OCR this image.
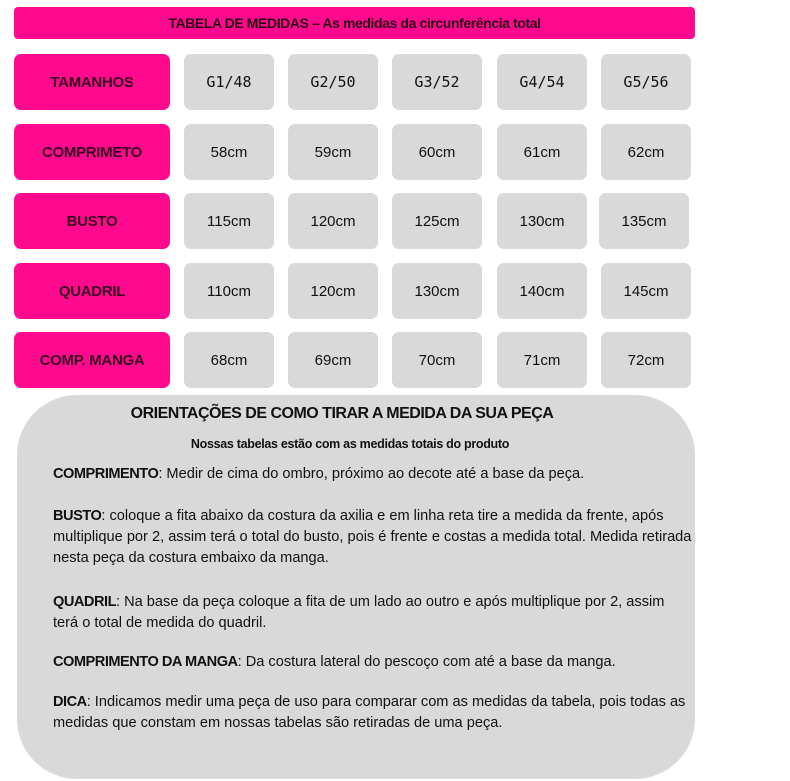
TABELA DE MEDIDAS – As medidas da circunferência total
TAMANHOS	G1/48	G2/50	G3/52	G4/54	G5/56
COMPRIMETO	58cm	59cm	60cm	61cm	62cm
BUSTO	115cm	120cm	125cm	130cm	135cm
QUADRIL	110cm	120cm	130cm	140cm	145cm
COMP. MANGA	68cm	69cm	70cm	71cm	72cm
ORIENTAÇÕES DE COMO TIRAR A MEDIDA DA SUA PEÇA
Nossas tabelas estão com as medidas totais do produto
COMPRIMENTO: Medir de cima do ombro, próximo ao decote até a base da peça.
BUSTO: coloque a fita abaixo da costura da axilia e em linha reta tire a medida da frente, após multiplique por 2, assim terá o total do busto, pois é frente e costas a medida total. Medida retirada nesta peça da costura embaixo da manga.
QUADRIL: Na base da peça coloque a fita de um lado ao outro e após multiplique por 2, assim terá o total de medida do quadril.
COMPRIMENTO DA MANGA: Da costura lateral do pescoço com até a base da manga.
DICA: Indicamos medir uma peça de uso para comparar com as medidas da tabela, pois todas as medidas que constam em nossas tabelas são retiradas de uma peça.
